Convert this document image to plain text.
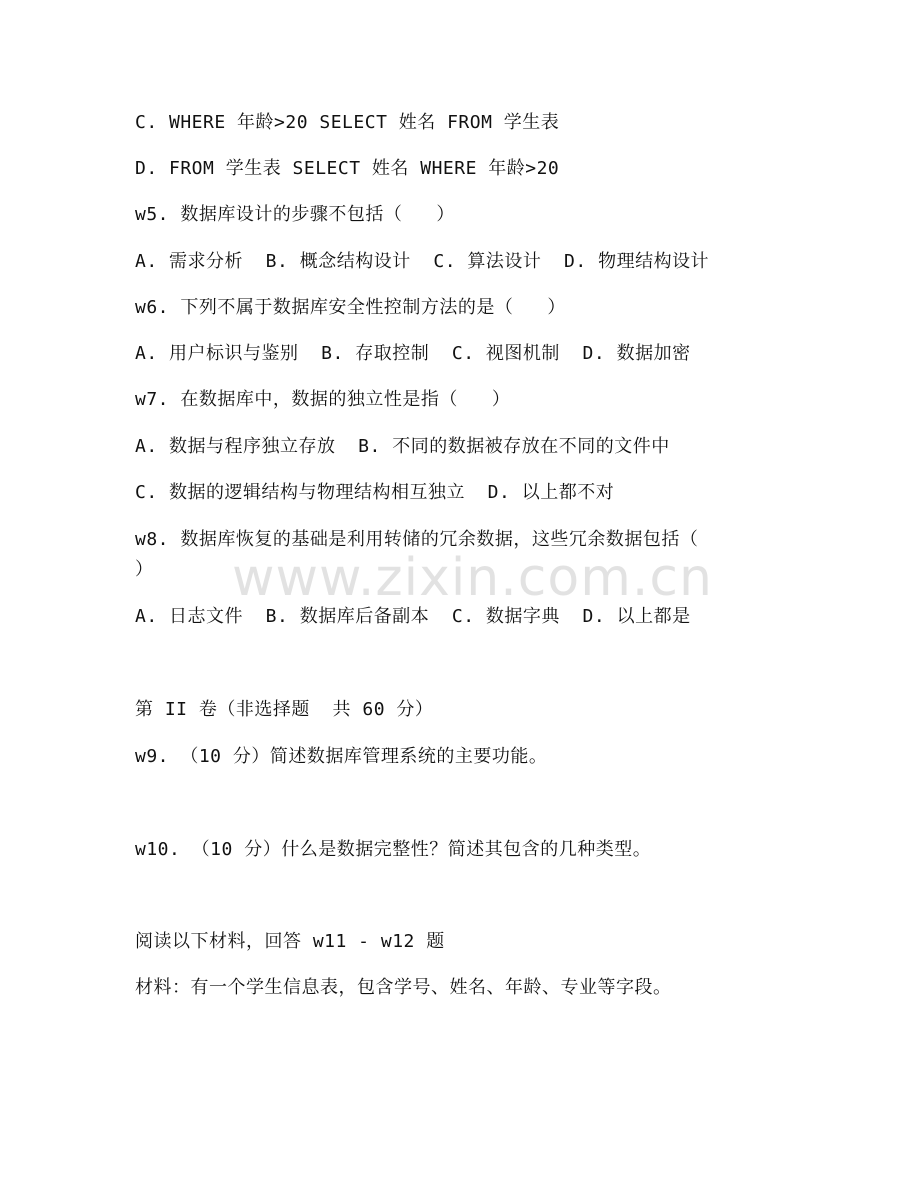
C. WHERE 年龄>20 SELECT 姓名 FROM 学生表
D. FROM 学生表 SELECT 姓名 WHERE 年龄>20
w5. 数据库设计的步骤不包括（   ）
A. 需求分析  B. 概念结构设计  C. 算法设计  D. 物理结构设计
w6. 下列不属于数据库安全性控制方法的是（   ）
A. 用户标识与鉴别  B. 存取控制  C. 视图机制  D. 数据加密
w7. 在数据库中，数据的独立性是指（   ）
A. 数据与程序独立存放  B. 不同的数据被存放在不同的文件中
C. 数据的逻辑结构与物理结构相互独立  D. 以上都不对
w8. 数据库恢复的基础是利用转储的冗余数据，这些冗余数据包括（
）
A. 日志文件  B. 数据库后备副本  C. 数据字典  D. 以上都是
第 II 卷（非选择题  共 60 分）
w9. （10 分）简述数据库管理系统的主要功能。
w10. （10 分）什么是数据完整性？简述其包含的几种类型。
阅读以下材料，回答 w11 - w12 题
材料：有一个学生信息表，包含学号、姓名、年龄、专业等字段。
www.zixin.com.cn
